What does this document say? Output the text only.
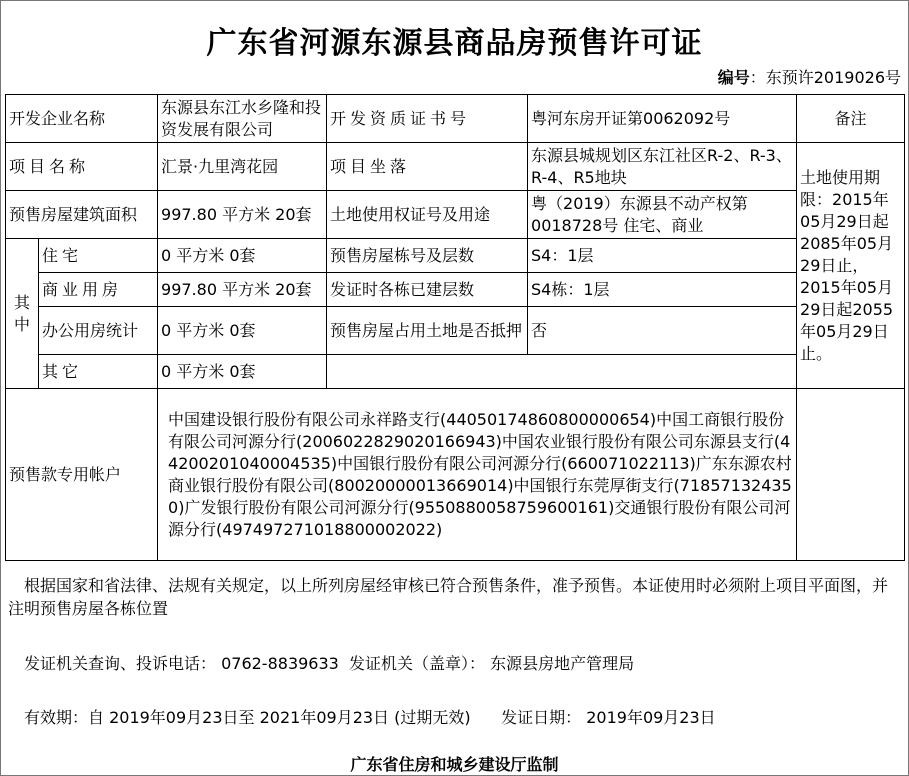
广东省河源东源县商品房预售许可证
编号：东预许2019026号
开发企业名称		东源县东江水乡隆和投资发展有限公司	开发资质证书号	粤河东房开证第0062092号	备注
项目名称		汇景·九里湾花园	项目坐落	东源县城规划区东江社区R-2、R-3、R-4、R5地块	土地使用期限：2015年05月29日起2085年05月29日止，2015年05月29日起2055年05月29日止。
预售房屋建筑面积		997.80 平方米 20套	土地使用权证号及用途	粤（2019）东源县不动产权第0018728号 住宅、商业	
其中	住宅	0 平方米 0套	预售房屋栋号及层数	S4：1层	
	商业用房	997.80 平方米 20套	发证时各栋已建层数	S4栋：1层	
	办公用房统计	0 平方米 0套	预售房屋占用土地是否抵押	否	
	其它	0 平方米 0套			
预售款专用帐户		中国建设银行股份有限公司永祥路支行(44050174860800000654)中国工商银行股份有限公司河源分行(2006022829020166943)中国农业银行股份有限公司东源县支行(44200201040004535)中国银行股份有限公司河源分行(660071022113)广东东源农村商业银行股份有限公司(80020000013669014)中国银行东莞厚街支行(718571324350)广发银行股份有限公司河源分行(9550880058759600161)交通银行股份有限公司河源分行(497497271018800002022)			
根据国家和省法律、法规有关规定，以上所列房屋经审核已符合预售条件，准予预售。本证使用时必须附上项目平面图，并注明预售房屋各栋位置
发证机关查询、投诉电话： 0762-8839633  发证机关（盖章）： 东源县房地产管理局
有效期：自 2019年09月23日至 2021年09月23日 (过期无效)      发证日期： 2019年09月23日
广东省住房和城乡建设厅监制
